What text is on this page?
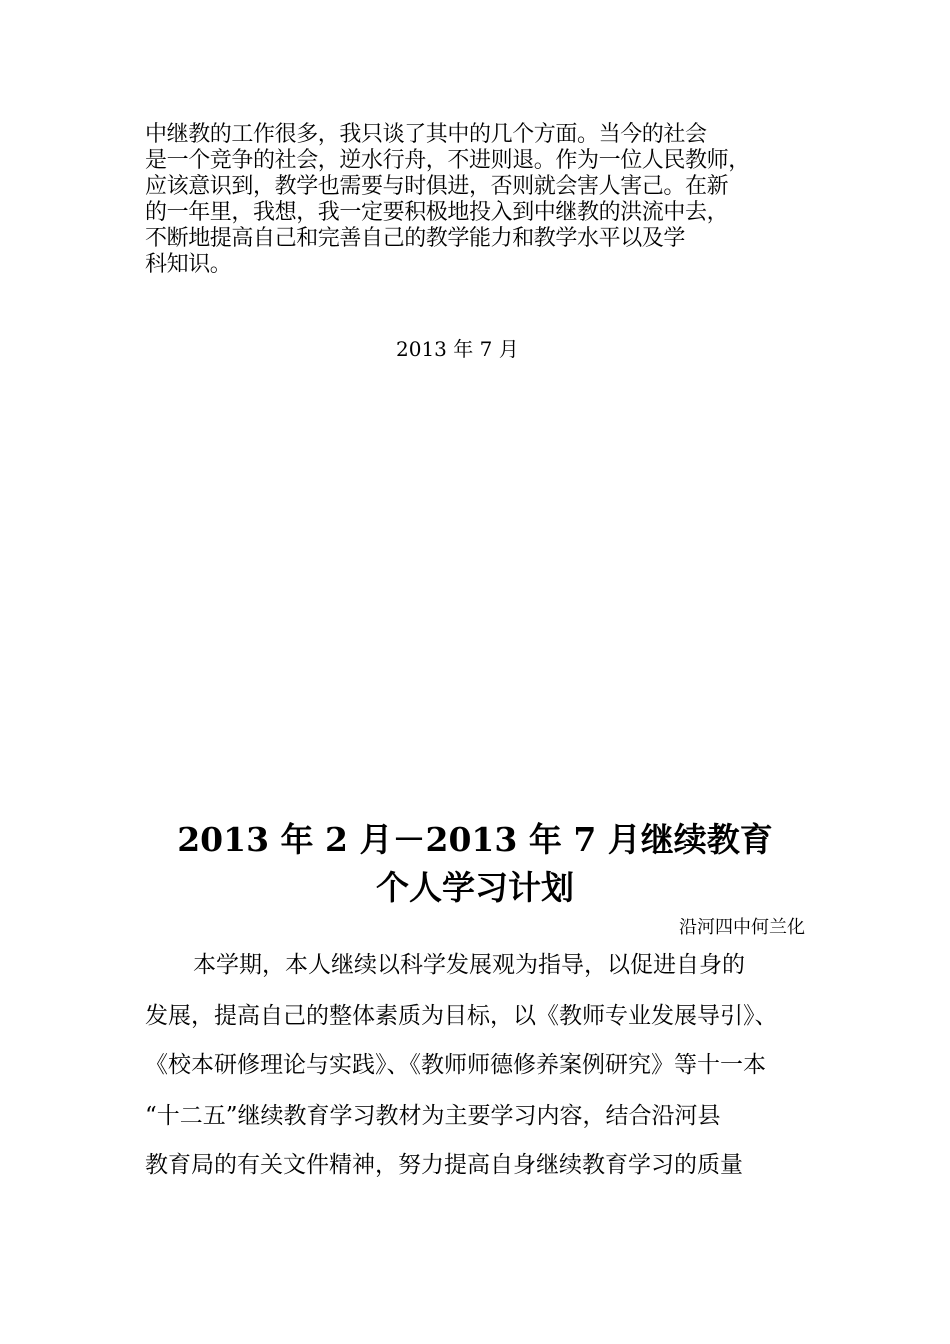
中继教的工作很多，我只谈了其中的几个方面。当今的社会
是一个竞争的社会，逆水行舟，不进则退。作为一位人民教师，
应该意识到，教学也需要与时俱进，否则就会害人害己。在新
的一年里，我想，我一定要积极地投入到中继教的洪流中去，
不断地提高自己和完善自己的教学能力和教学水平以及学
科知识。

2013 年 7 月

2013 年 2 月－2013 年 7 月继续教育
个人学习计划

沿河四中何兰化

本学期，本人继续以科学发展观为指导，以促进自身的

发展，提高自己的整体素质为目标，以《教师专业发展导引》、

《校本研修理论与实践》、《教师师德修养案例研究》等十一本

“十二五”继续教育学习教材为主要学习内容，结合沿河县

教育局的有关文件精神，努力提高自身继续教育学习的质量
